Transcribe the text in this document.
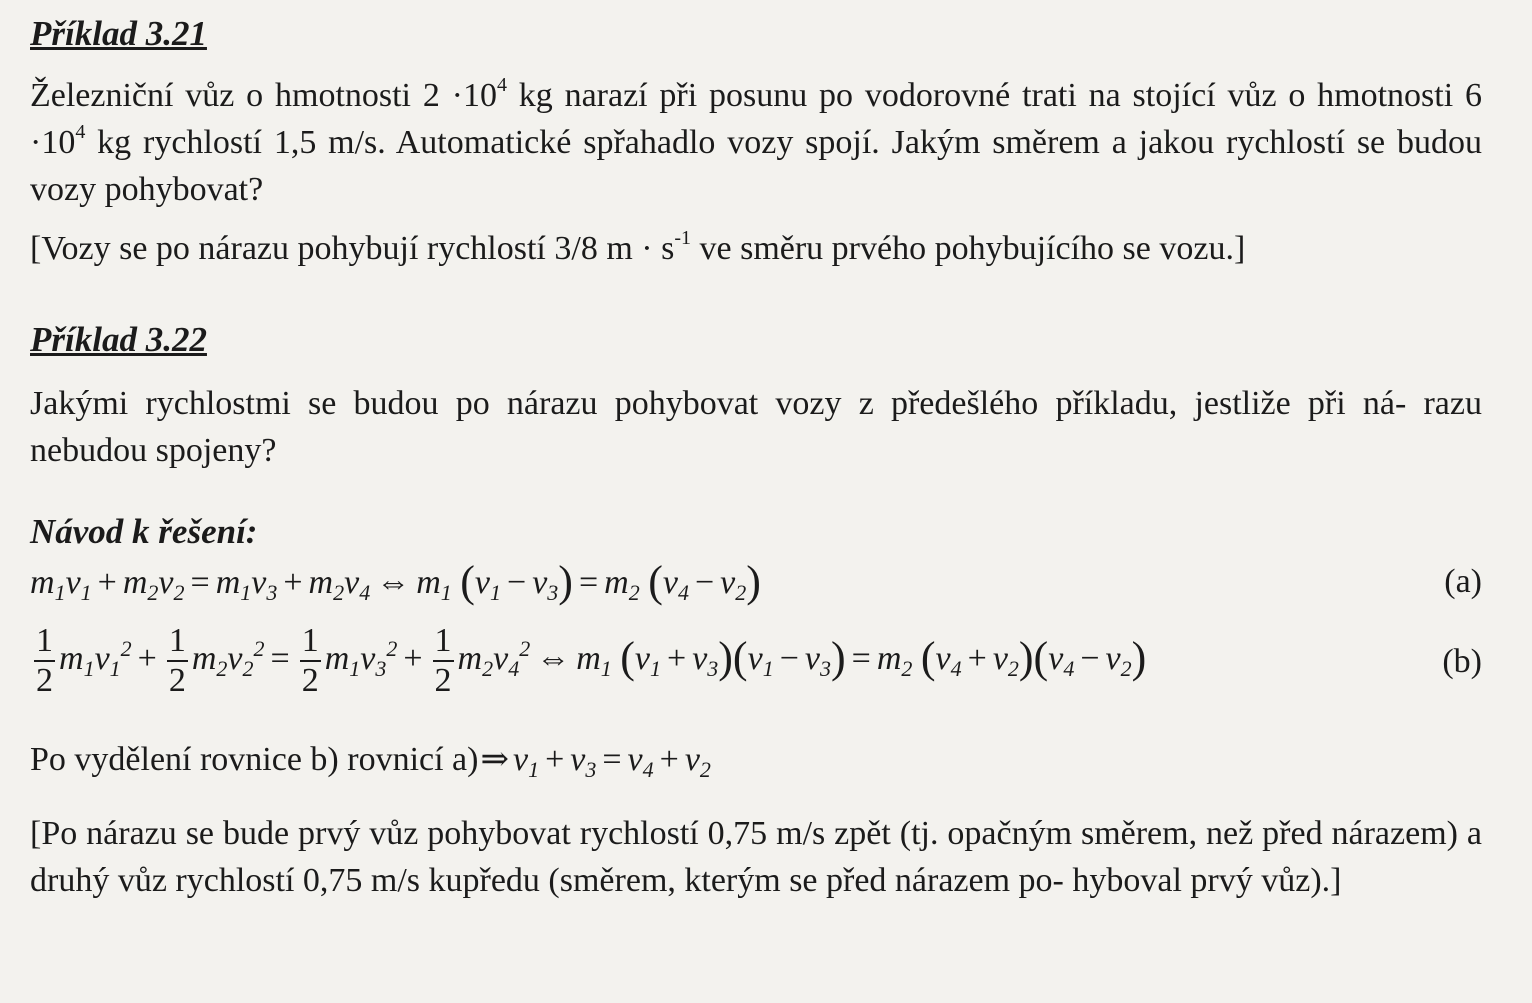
Příklad 3.21

Železniční vůz o hmotnosti $2 \cdot 10^4$ kg narazí při posunu po vodorovné trati na stojící vůz o hmotnosti $6 \cdot 10^4$ kg rychlostí 1,5 m/s. Automatické spřahadlo vozy spojí. Jakým směrem a jakou rychlostí se budou vozy pohybovat?

[Vozy se po nárazu pohybují rychlostí 3/8 $m \cdot s^{-1}$ ve směru prvého pohybujícího se vozu.]

Příklad 3.22

Jakými rychlostmi se budou po nárazu pohybovat vozy z předešlého příkladu, jestliže při ná- razu nebudou spojeny?

Návod k řešení:

$m_1v_1 + m_2v_2 = m_1v_3 + m_2v_4$ ⇔ $m_1$ $(v_1 - v_3) = m_2$ $(v_4 - v_2)$	(a)
$\frac{1}{2} m_1v_1^2 + \frac{1}{2} m_2v_2^2 = \frac{1}{2} m_1v_3^2 + \frac{1}{2} m_2v_4^2$ ⇔ $m_1$ $(v_1 + v_3)(v_1 - v_3) = m_2$ $(v_4 + v_2)(v_4 - v_2)$	(b)
Po vydělení rovnice b) rovnicí a)⇒ $v_1 + v_3 = v_4 + v_2$

[Po nárazu se bude prvý vůz pohybovat rychlostí 0,75 m/s zpět (tj. opačným směrem, než před nárazem) a druhý vůz rychlostí 0,75 m/s kupředu (směrem, kterým se před nárazem po- hyboval prvý vůz).]
